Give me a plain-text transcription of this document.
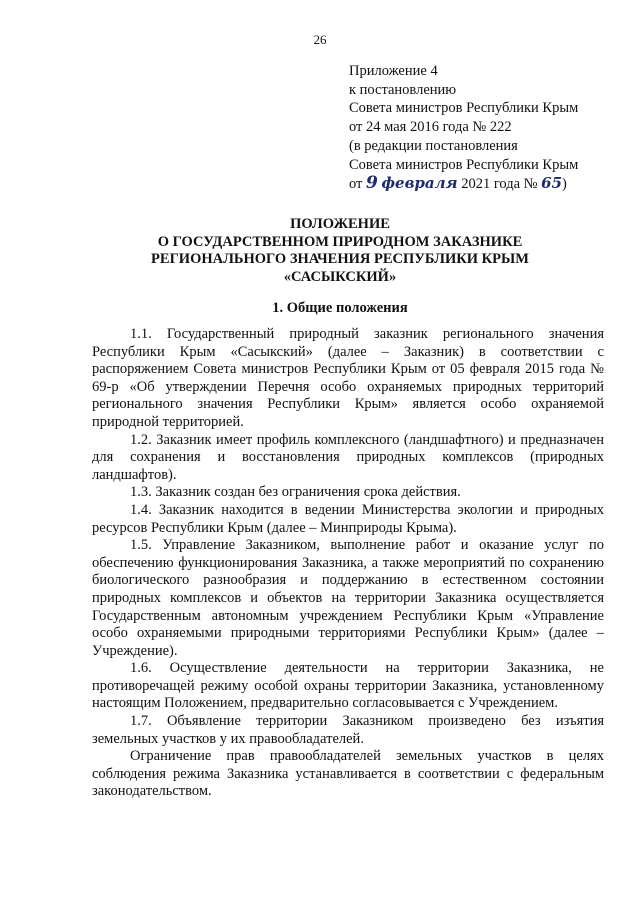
26
Приложение 4
к постановлению
Совета министров Республики Крым
от 24 мая 2016 года № 222
(в редакции постановления
Совета министров Республики Крым
от 9 февраля 2021 года № 65)
ПОЛОЖЕНИЕ
О ГОСУДАРСТВЕННОМ ПРИРОДНОМ ЗАКАЗНИКЕ
РЕГИОНАЛЬНОГО ЗНАЧЕНИЯ РЕСПУБЛИКИ КРЫМ
«САСЫКСКИЙ»
1. Общие положения

1.1. Государственный природный заказник регионального значения Республики Крым «Сасыкский» (далее – Заказник) в соответствии с распоряжением Совета министров Республики Крым от 05 февраля 2015 года № 69-р «Об утверждении Перечня особо охраняемых природных территорий регионального значения Республики Крым» является особо охраняемой природной территорией.

1.2. Заказник имеет профиль комплексного (ландшафтного) и предназначен для сохранения и восстановления природных комплексов (природных ландшафтов).

1.3. Заказник создан без ограничения срока действия.

1.4. Заказник находится в ведении Министерства экологии и природных ресурсов Республики Крым (далее – Минприроды Крыма).

1.5. Управление Заказником, выполнение работ и оказание услуг по обеспечению функционирования Заказника, а также мероприятий по сохранению биологического разнообразия и поддержанию в естественном состоянии природных комплексов и объектов на территории Заказника осуществляется Государственным автономным учреждением Республики Крым «Управление особо охраняемыми природными территориями Республики Крым» (далее – Учреждение).

1.6. Осуществление деятельности на территории Заказника, не противоречащей режиму особой охраны территории Заказника, установленному настоящим Положением, предварительно согласовывается с Учреждением.

1.7. Объявление территории Заказником произведено без изъятия земельных участков у их правообладателей.

Ограничение прав правообладателей земельных участков в целях соблюдения режима Заказника устанавливается в соответствии с федеральным законодательством.
